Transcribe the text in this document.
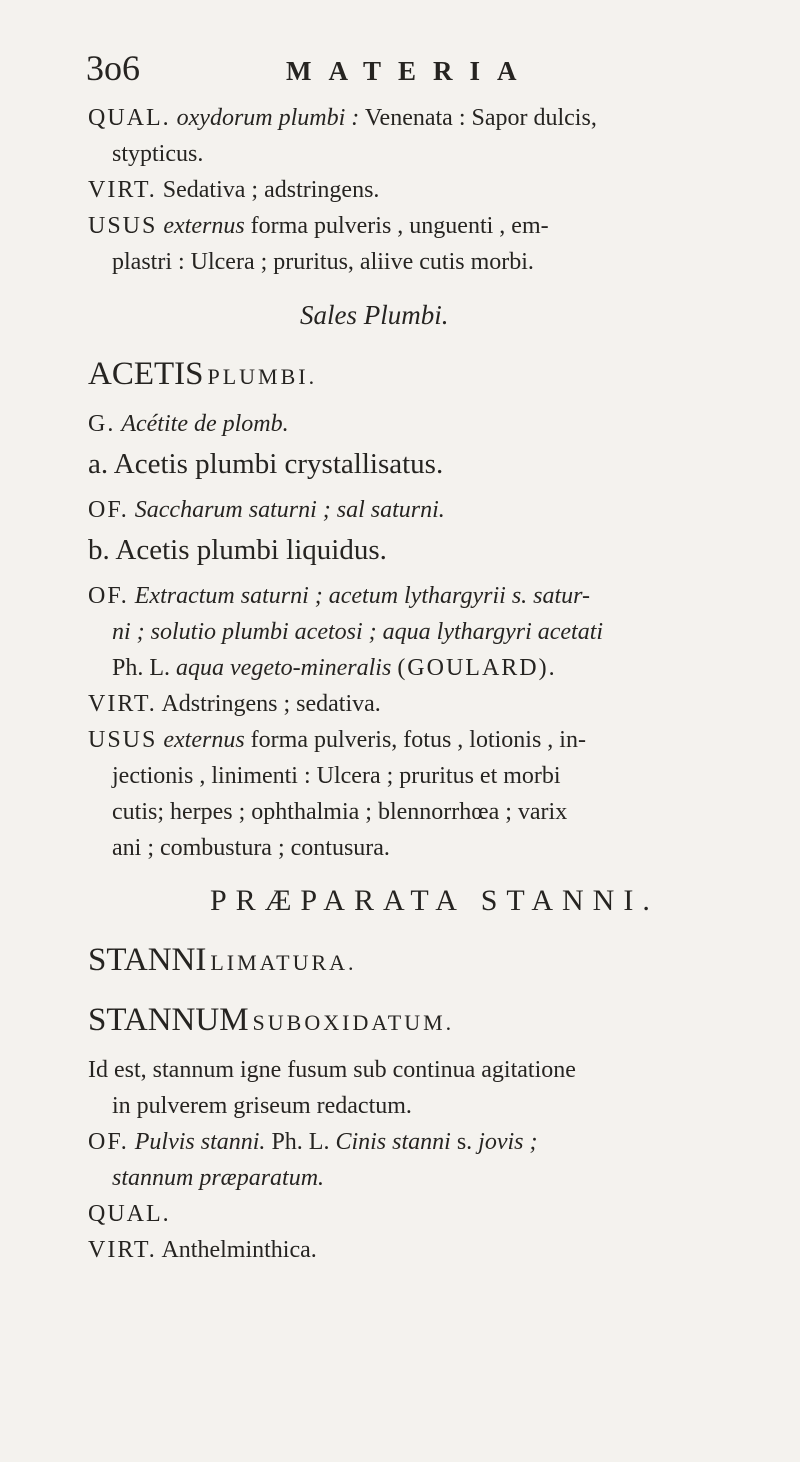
3o6	MATERIA
QUAL. oxydorum plumbi : Venenata : Sapor dulcis,
stypticus.
VIRT. Sedativa ; adstringens.
USUS externus forma pulveris , unguenti , em-
plastri : Ulcera ; pruritus, aliive cutis morbi.
Sales Plumbi.
ACETIS PLUMBI.
G. Acétite de plomb.
a. Acetis plumbi crystallisatus.
OF. Saccharum saturni ; sal saturni.
b. Acetis plumbi liquidus.
OF. Extractum saturni ; acetum lythargyrii s. satur-
ni ; solutio plumbi acetosi ; aqua lythargyri acetati
Ph. L. aqua vegeto-mineralis (GOULARD).
VIRT. Adstringens ; sedativa.
USUS externus forma pulveris, fotus , lotionis , in-
jectionis , linimenti : Ulcera ; pruritus et morbi
cutis; herpes ; ophthalmia ; blennorrhœa ; varix
ani ; combustura ; contusura.
PRÆPARATA STANNI.
STANNI LIMATURA.
STANNUM SUBOXIDATUM.
Id est, stannum igne fusum sub continua agitatione
in pulverem griseum redactum.
OF. Pulvis stanni. Ph. L. Cinis stanni s. jovis ;
stannum præparatum.
QUAL.
VIRT. Anthelminthica.
